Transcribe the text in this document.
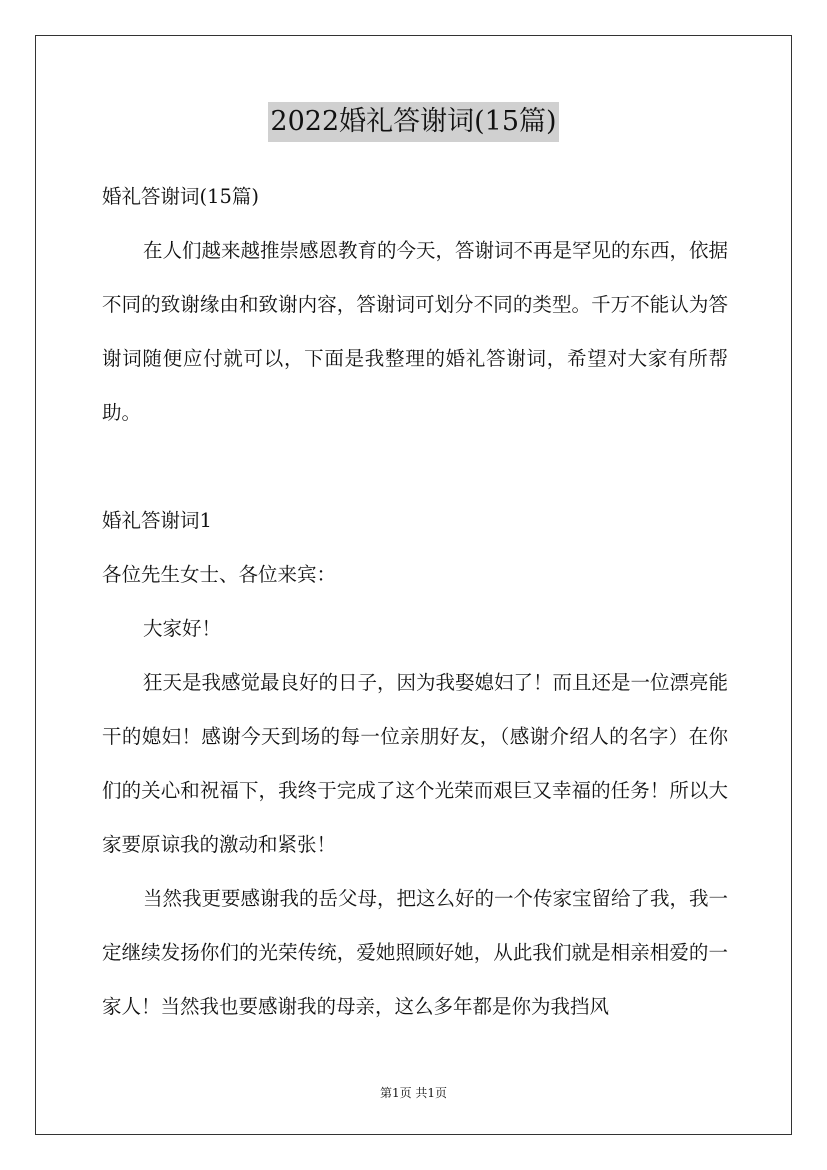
2022婚礼答谢词(15篇)

婚礼答谢词(15篇)

在人们越来越推崇感恩教育的今天，答谢词不再是罕见的东西，依据不同的致谢缘由和致谢内容，答谢词可划分不同的类型。千万不能认为答谢词随便应付就可以，下面是我整理的婚礼答谢词，希望对大家有所帮助。

婚礼答谢词1

各位先生女士、各位来宾：

大家好！

狂天是我感觉最良好的日子，因为我娶媳妇了！而且还是一位漂亮能干的媳妇！感谢今天到场的每一位亲朋好友，（感谢介绍人的名字）在你们的关心和祝福下，我终于完成了这个光荣而艰巨又幸福的任务！所以大家要原谅我的激动和紧张！

当然我更要感谢我的岳父母，把这么好的一个传家宝留给了我，我一定继续发扬你们的光荣传统，爱她照顾好她，从此我们就是相亲相爱的一家人！当然我也要感谢我的母亲，这么多年都是你为我挡风

第1页 共1页
